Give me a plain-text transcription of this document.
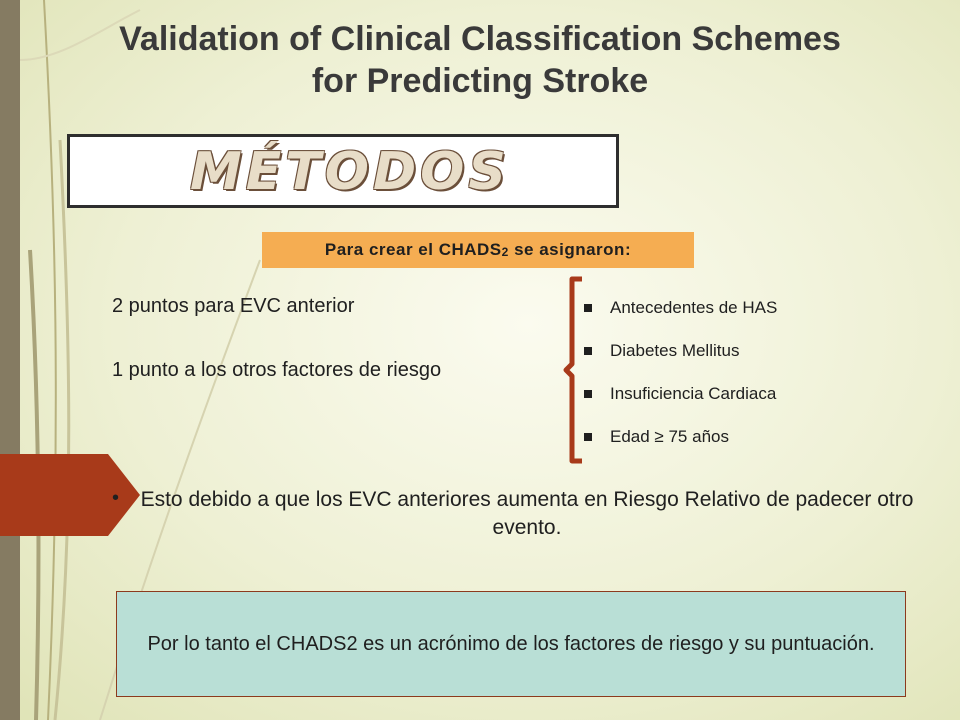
Validation of Clinical Classification Schemes
for Predicting Stroke
MÉTODOS
Para crear el CHADS 2 se asignaron:
2 puntos para EVC anterior
1 punto a los otros factores de riesgo
Antecedentes de HAS
Diabetes Mellitus
Insuficiencia Cardiaca
Edad ≥ 75 años
•	Esto debido a que los EVC anteriores aumenta en Riesgo Relativo de padecer otro evento.
Por lo tanto el CHADS2 es un acrónimo de los factores de riesgo y su puntuación.
